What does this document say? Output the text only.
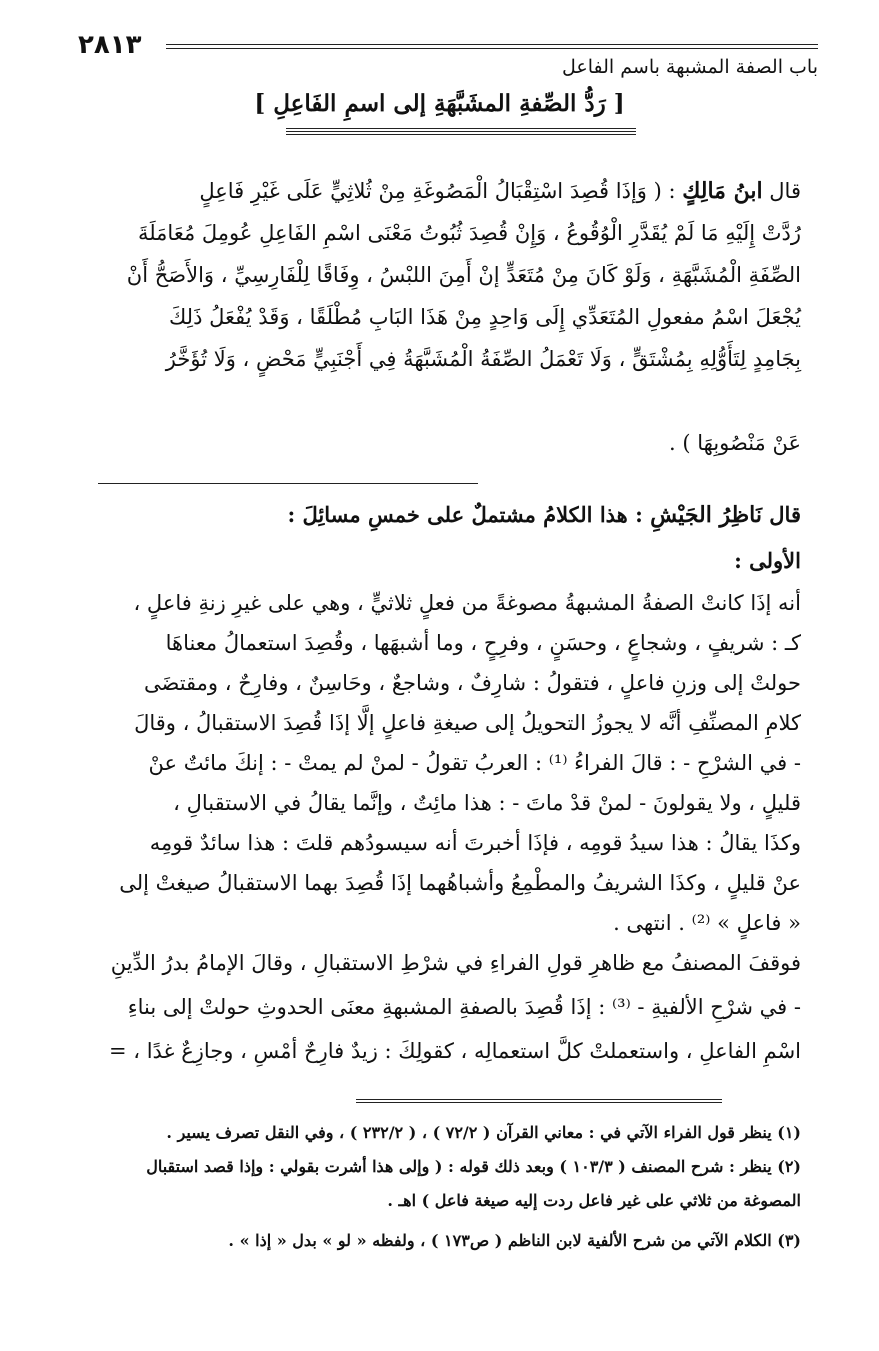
٢٨١٣
باب الصفة المشبهة باسم الفاعل
[ رَدُّ الصِّفةِ المشَبَّهَةِ إلى اسمِ الفَاعِلِ ]
قال ابنُ مَالِكٍ : ( وَإذَا قُصِدَ اسْتِقْبَالُ الْمَصُوغَةِ مِنْ ثُلاثِيٍّ عَلَى غَيْرِ فَاعِلٍ
رُدَّتْ إِلَيْهِ مَا لَمْ يُقَدَّرِ الْوُقُوعُ ، وَإِنْ قُصِدَ ثُبُوتُ مَعْنَى اسْمِ الفَاعِلِ عُومِلَ مُعَامَلَةَ
الصِّفَةِ الْمُشَبَّهَةِ ، وَلَوْ كَانَ مِنْ مُتَعَدٍّ إنْ أَمِنَ اللبْسُ ، وِفَاقًا لِلْفَارِسِيِّ ، وَالأَصَحُّ أَنْ
يُجْعَلَ اسْمُ مفعولِ المُتَعَدِّي إِلَى وَاحِدٍ مِنْ هَذَا البَابِ مُطْلَقًا ، وَقَدْ يُفْعَلُ ذَلِكَ
بِجَامِدٍ لِتَأَوُّلِهِ بِمُشْتَقٍّ ، وَلَا تَعْمَلُ الصِّفَةُ الْمُشَبَّهَةُ فِي أَجْنَبِيٍّ مَحْضٍ ، وَلَا تُؤَخَّرُ
عَنْ مَنْصُوبِهَا ) .
قال نَاظِرُ الجَيْشِ : هذا الكلامُ مشتملٌ على خمسِ مسائِلَ :
الأولى :
أنه إذَا كانتْ الصفةُ المشبهةُ مصوغةً من فعلٍ ثلاثيٍّ ، وهي على غيرِ زنةِ فاعلٍ ،
كـ : شريفٍ ، وشجاعٍ ، وحسَنٍ ، وفرِحٍ ، وما أشبهَها ، وقُصِدَ استعمالُ معناهَا
حولتْ إلى وزنِ فاعلٍ ، فتقولُ : شارِفٌ ، وشاجعٌ ، وحَاسِنٌ ، وفارِحٌ ، ومقتضَى
كلامِ المصنِّفِ أنَّه لا يجوزُ التحويلُ إلى صيغةِ فاعلٍ إلَّا إذَا قُصِدَ الاستقبالُ ، وقالَ
- في الشرْحِ - : قالَ الفراءُ ⁽¹⁾ : العربُ تقولُ - لمنْ لم يمتْ - : إنكَ مائتٌ عنْ
قليلٍ ، ولا يقولونَ - لمنْ قدْ ماتَ - : هذا مائِتٌ ، وإنَّما يقالُ في الاستقبالِ ،
وكذَا يقالُ : هذا سيدُ قومِه ، فإذَا أخبرتَ أنه سيسودُهم قلتَ : هذا سائدٌ قومِه
عنْ قليلٍ ، وكذَا الشريفُ والمطْمِعُ وأشباهُهما إذَا قُصِدَ بهما الاستقبالُ صيغتْ إلى
« فاعلٍ » ⁽²⁾ . انتهى .
فوقفَ المصنفُ مع ظاهرِ قولِ الفراءِ في شرْطِ الاستقبالِ ، وقالَ الإمامُ بدرُ الدِّينِ
- في شرْحِ الألفيةِ - ⁽³⁾ : إذَا قُصِدَ بالصفةِ المشبهةِ معنَى الحدوثِ حولتْ إلى بناءِ
اسْمِ الفاعلِ ، واستعملتْ كلَّ استعمالِه ، كقولِكَ : زيدٌ فارِحٌ أمْسِ ، وجازِعٌ غدًا ، =
(١) ينظر قول الفراء الآتي في : معاني القرآن ( ٧٢/٢ ) ، ( ٢٣٢/٢ ) ، وفي النقل تصرف يسير .
(٢) ينظر : شرح المصنف ( ١٠٣/٣ ) وبعد ذلك قوله : ( وإلى هذا أشرت بقولي : وإذا قصد استقبال
المصوغة من ثلاثي على غير فاعل ردت إليه صيغة فاعل ) اهـ .
(٣) الكلام الآتي من شرح الألفية لابن الناظم ( ص١٧٣ ) ، ولفظه « لو » بدل « إذا » .
